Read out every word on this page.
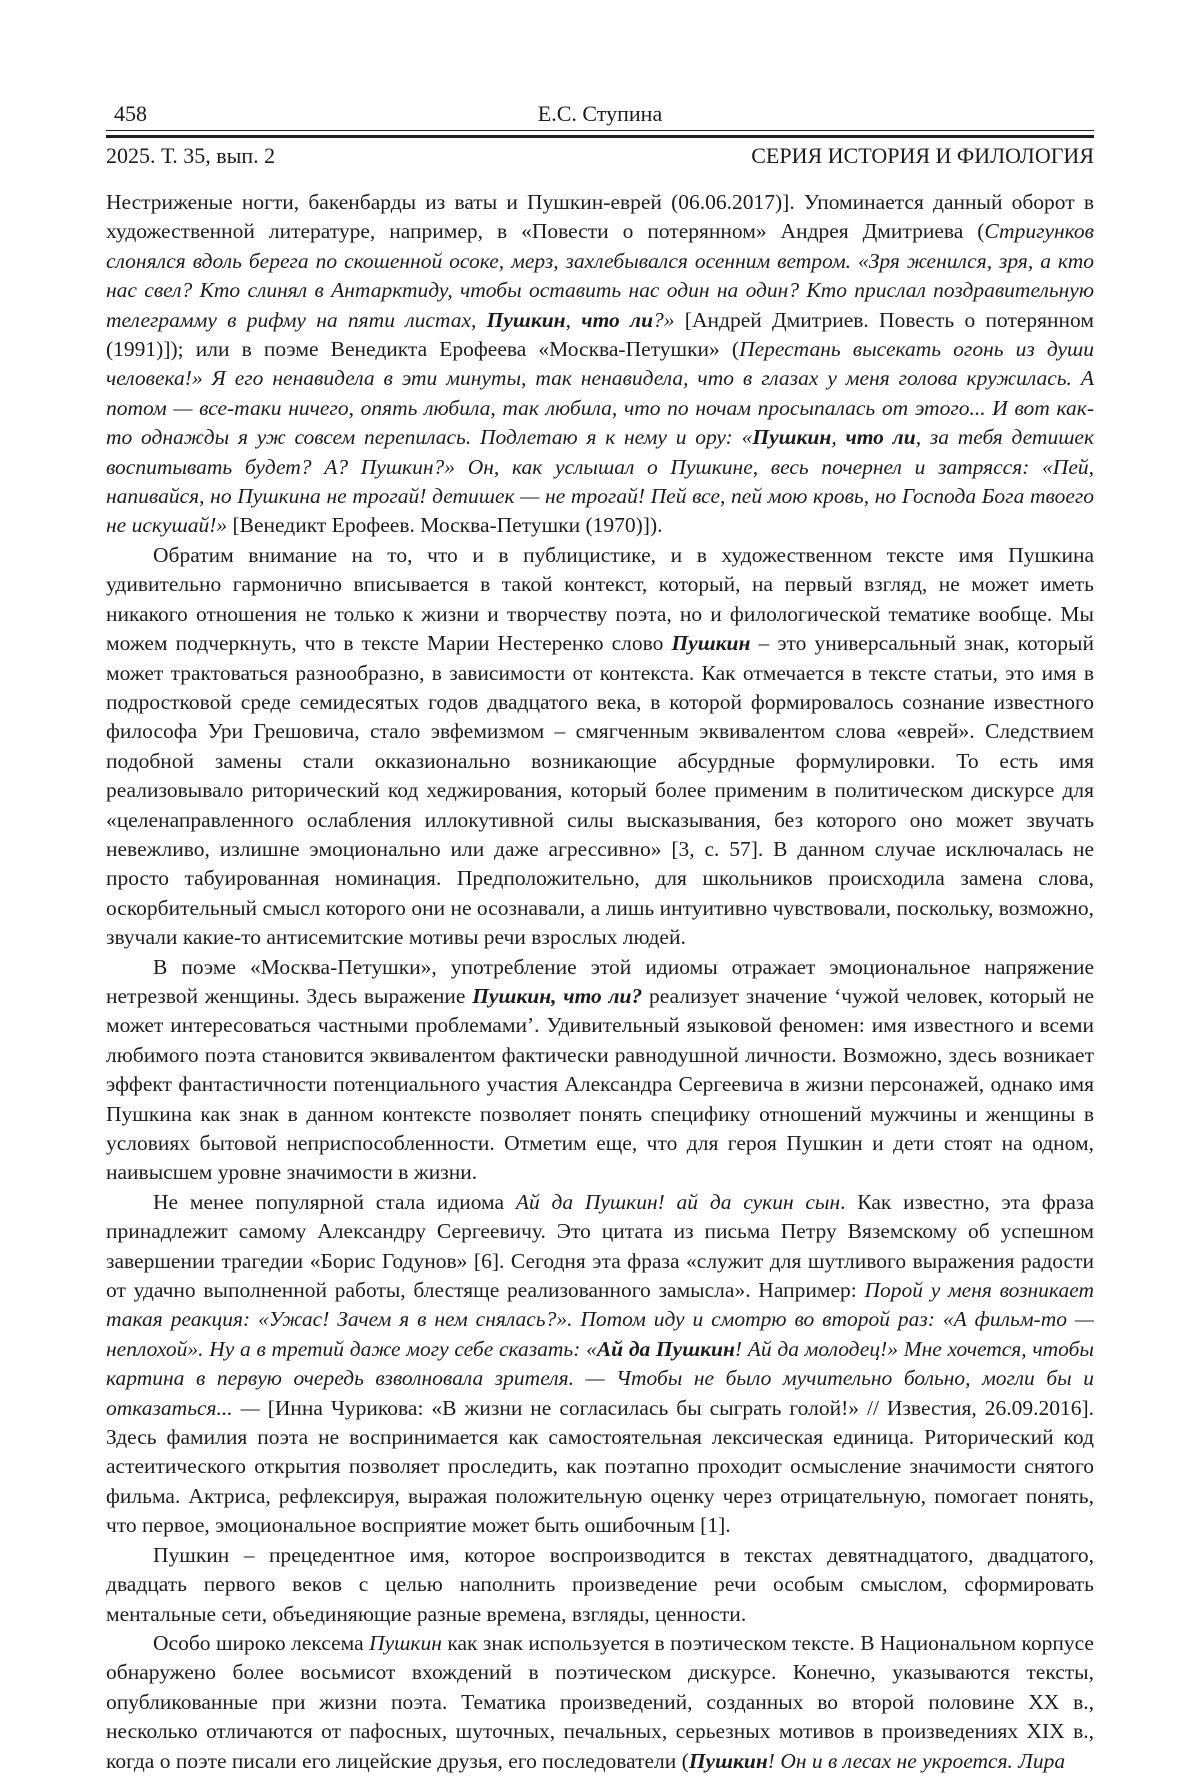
458	Е.С. Ступина
2025. Т. 35, вып. 2	СЕРИЯ ИСТОРИЯ И ФИЛОЛОГИЯ

Нестриженые ногти, бакенбарды из ваты и Пушкин-еврей (06.06.2017)]. Упоминается данный оборот в художественной литературе, например, в «Повести о потерянном» Андрея Дмитриева (Стригунков слонялся вдоль берега по скошенной осоке, мерз, захлебывался осенним ветром. «Зря женился, зря, а кто нас свел? Кто слинял в Антарктиду, чтобы оставить нас один на один? Кто прислал поздравительную телеграмму в рифму на пяти листах, Пушкин, что ли?» [Андрей Дмитриев. Повесть о потерянном (1991)]); или в поэме Венедикта Ерофеева «Москва-Петушки» (Перестань высекать огонь из души человека!» Я его ненавидела в эти минуты, так ненавидела, что в глазах у меня голова кружилась. А потом — все-таки ничего, опять любила, так любила, что по ночам просыпалась от этого... И вот как-то однажды я уж совсем перепилась. Подлетаю я к нему и ору: «Пушкин, что ли, за тебя детишек воспитывать будет? А? Пушкин?» Он, как услышал о Пушкине, весь почернел и затрясся: «Пей, напивайся, но Пушкина не трогай! детишек — не трогай! Пей все, пей мою кровь, но Господа Бога твоего не искушай!» [Венедикт Ерофеев. Москва-Петушки (1970)]).

Обратим внимание на то, что и в публицистике, и в художественном тексте имя Пушкина удивительно гармонично вписывается в такой контекст, который, на первый взгляд, не может иметь никакого отношения не только к жизни и творчеству поэта, но и филологической тематике вообще. Мы можем подчеркнуть, что в тексте Марии Нестеренко слово Пушкин – это универсальный знак, который может трактоваться разнообразно, в зависимости от контекста. Как отмечается в тексте статьи, это имя в подростковой среде семидесятых годов двадцатого века, в которой формировалось сознание известного философа Ури Грешовича, стало эвфемизмом – смягченным эквивалентом слова «еврей». Следствием подобной замены стали окказионально возникающие абсурдные формулировки. То есть имя реализовывало риторический код хеджирования, который более применим в политическом дискурсе для «целенаправленного ослабления иллокутивной силы высказывания, без которого оно может звучать невежливо, излишне эмоционально или даже агрессивно» [3, с. 57]. В данном случае исключалась не просто табуированная номинация. Предположительно, для школьников происходила замена слова, оскорбительный смысл которого они не осознавали, а лишь интуитивно чувствовали, поскольку, возможно, звучали какие-то антисемитские мотивы речи взрослых людей.

В поэме «Москва-Петушки», употребление этой идиомы отражает эмоциональное напряжение нетрезвой женщины. Здесь выражение Пушкин, что ли? реализует значение ‘чужой человек, который не может интересоваться частными проблемами’. Удивительный языковой феномен: имя известного и всеми любимого поэта становится эквивалентом фактически равнодушной личности. Возможно, здесь возникает эффект фантастичности потенциального участия Александра Сергеевича в жизни персонажей, однако имя Пушкина как знак в данном контексте позволяет понять специфику отношений мужчины и женщины в условиях бытовой неприспособленности. Отметим еще, что для героя Пушкин и дети стоят на одном, наивысшем уровне значимости в жизни.

Не менее популярной стала идиома Ай да Пушкин! ай да сукин сын. Как известно, эта фраза принадлежит самому Александру Сергеевичу. Это цитата из письма Петру Вяземскому об успешном завершении трагедии «Борис Годунов» [6]. Сегодня эта фраза «служит для шутливого выражения радости от удачно выполненной работы, блестяще реализованного замысла». Например: Порой у меня возникает такая реакция: «Ужас! Зачем я в нем снялась?». Потом иду и смотрю во второй раз: «А фильм-то — неплохой». Ну а в третий даже могу себе сказать: «Ай да Пушкин! Ай да молодец!» Мне хочется, чтобы картина в первую очередь взволновала зрителя. — Чтобы не было мучительно больно, могли бы и отказаться... — [Инна Чурикова: «В жизни не согласилась бы сыграть голой!» // Известия, 26.09.2016]. Здесь фамилия поэта не воспринимается как самостоятельная лексическая единица. Риторический код астеитического открытия позволяет проследить, как поэтапно проходит осмысление значимости снятого фильма. Актриса, рефлексируя, выражая положительную оценку через отрицательную, помогает понять, что первое, эмоциональное восприятие может быть ошибочным [1].

Пушкин – прецедентное имя, которое воспроизводится в текстах девятнадцатого, двадцатого, двадцать первого веков с целью наполнить произведение речи особым смыслом, сформировать ментальные сети, объединяющие разные времена, взгляды, ценности.

Особо широко лексема Пушкин как знак используется в поэтическом тексте. В Национальном корпусе обнаружено более восьмисот вхождений в поэтическом дискурсе. Конечно, указываются тексты, опубликованные при жизни поэта. Тематика произведений, созданных во второй половине XX в., несколько отличаются от пафосных, шуточных, печальных, серьезных мотивов в произведениях XIX в., когда о поэте писали его лицейские друзья, его последователи (Пушкин! Он и в лесах не укроется. Лира
